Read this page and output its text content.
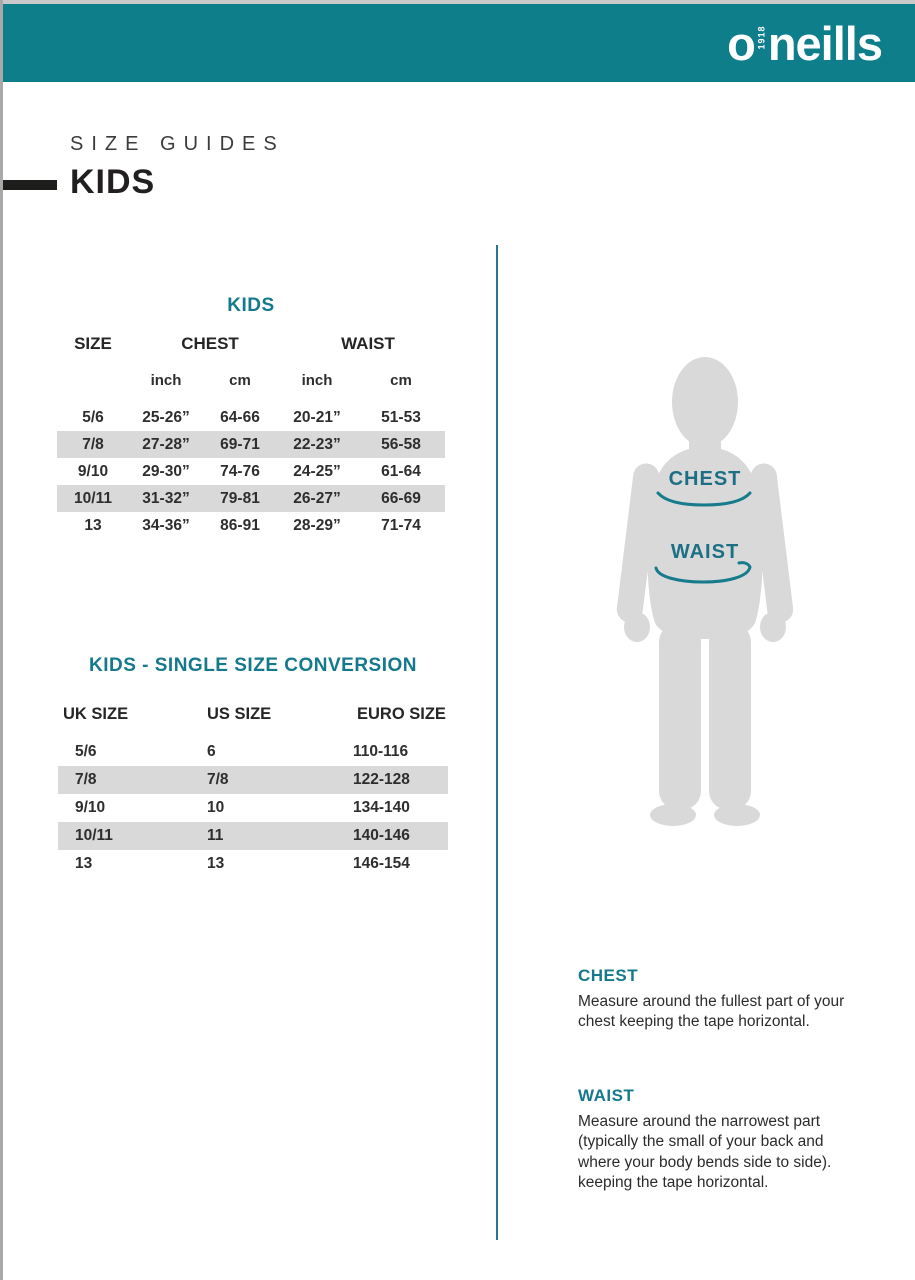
o 1918 neills
SIZE GUIDES
KIDS
KIDS
SIZE	CHEST	WAIST
inch	cm	inch	cm
5/6	25-26”	64-66	20-21”	51-53
7/8	27-28”	69-71	22-23”	56-58
9/10	29-30”	74-76	24-25”	61-64
10/11	31-32”	79-81	26-27”	66-69
13	34-36”	86-91	28-29”	71-74
KIDS - SINGLE SIZE CONVERSION
UK SIZE	US SIZE	EURO SIZE
5/6	6	110-116
7/8	7/8	122-128
9/10	10	134-140
10/11	11	140-146
13	13	146-154
CHEST
WAIST
CHEST

Measure around the fullest part of your chest keeping the tape horizontal.

WAIST

Measure around the narrowest part (typically the small of your back and where your body bends side to side). keeping the tape horizontal.
